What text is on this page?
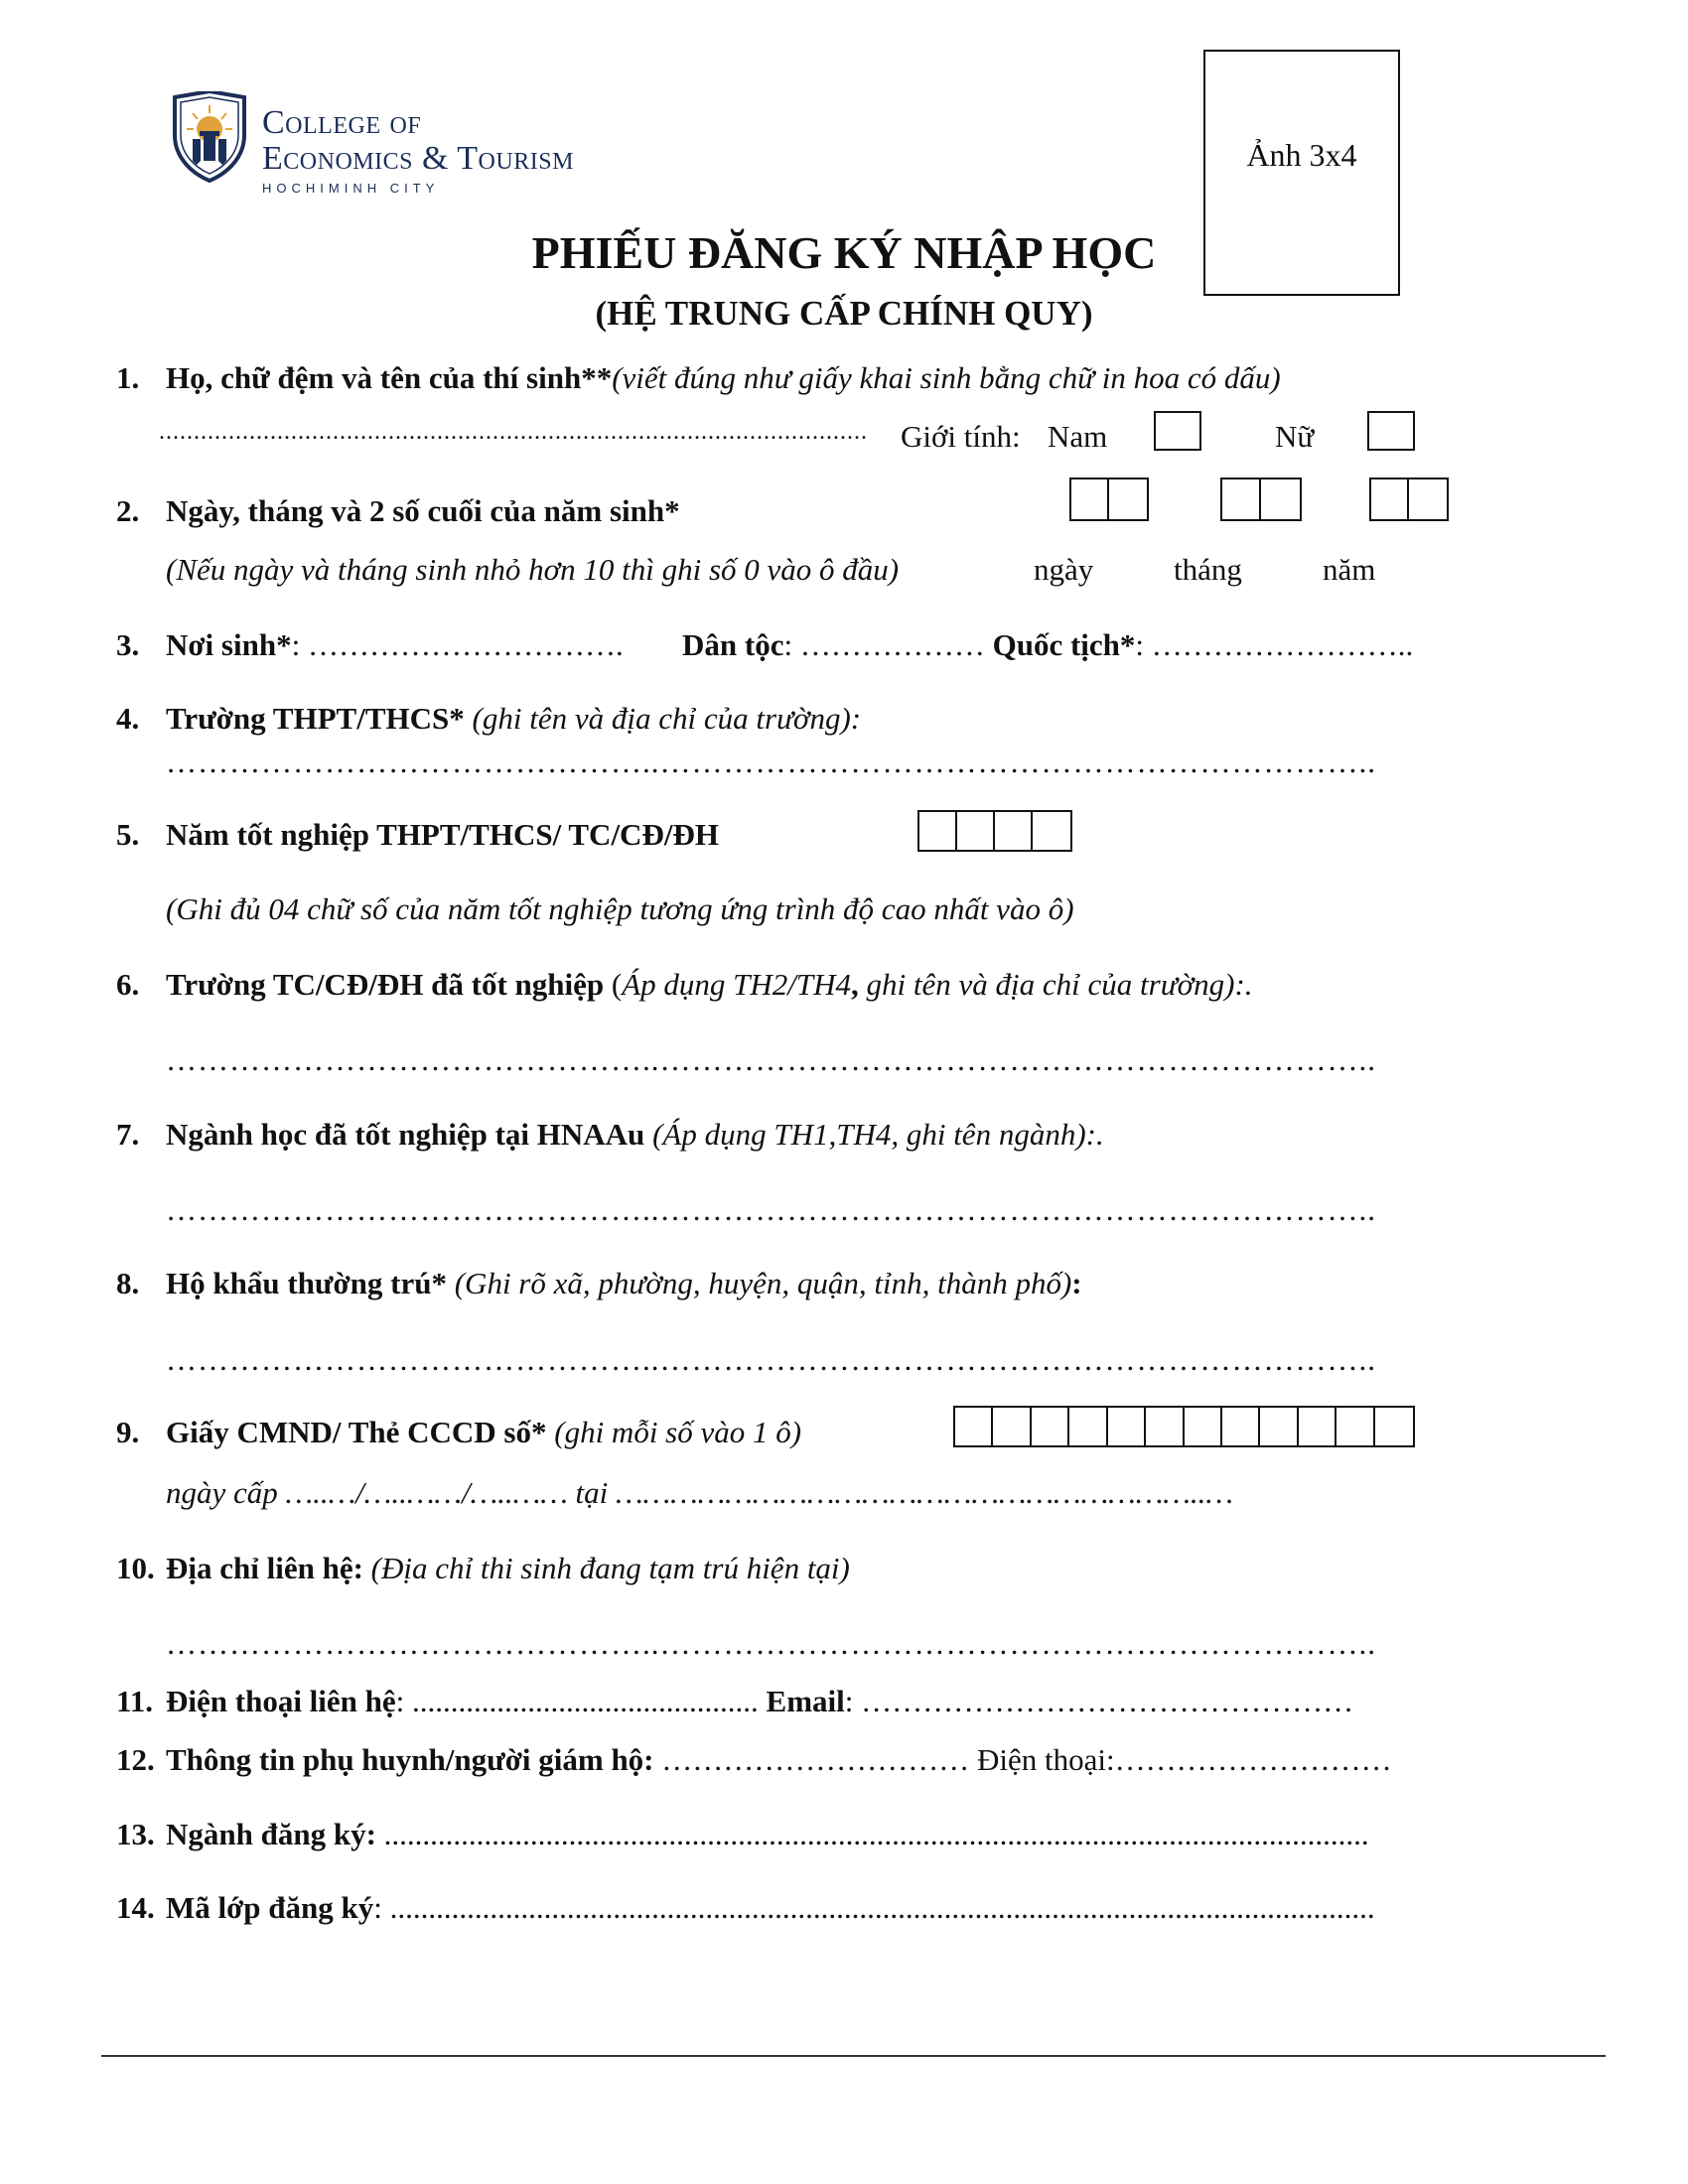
College of
Economics & Tourism
HOCHIMINH CITY
Ảnh 3x4
PHIẾU ĐĂNG KÝ NHẬP HỌC
(HỆ TRUNG CẤP CHÍNH QUY)
1. Họ, chữ đệm và tên của thí sinh**(viết đúng như giấy khai sinh bằng chữ in hoa có dấu)
......................................................................................................	Giới tính: Nam	Nữ
2. Ngày, tháng và 2 số cuối của năm sinh*
(Nếu ngày và tháng sinh nhỏ hơn 10 thì ghi số 0 vào ô đầu)	ngày	tháng	năm
3. Nơi sinh*: …………………………. Dân tộc: ……………… Quốc tịch*: ……………………..
4. Trường THPT/THCS* (ghi tên và địa chỉ của trường):
………………………………………..…………………………………………………………..
5. Năm tốt nghiệp THPT/THCS/ TC/CĐ/ĐH
(Ghi đủ 04 chữ số của năm tốt nghiệp tương ứng trình độ cao nhất vào ô)
6. Trường TC/CĐ/ĐH đã tốt nghiệp (Áp dụng TH2/TH4, ghi tên và địa chỉ của trường):.
………………………………………..…………………………………………………………..
7. Ngành học đã tốt nghiệp tại HNAAu (Áp dụng TH1,TH4, ghi tên ngành):.
………………………………………..…………………………………………………………..
8. Hộ khẩu thường trú* (Ghi rõ xã, phường, huyện, quận, tỉnh, thành phố):
………………………………………..…………………………………………………………..
9. Giấy CMND/ Thẻ CCCD số* (ghi mỗi số vào 1 ô)
ngày cấp …..…/…..……/…..…… tại ………………………………………………………..…
10. Địa chỉ liên hệ: (Địa chỉ thi sinh đang tạm trú hiện tại)
………………………………………..…………………………………………………………..
11. Điện thoại liên hệ: ............................................. Email: …………………………………………
12. Thông tin phụ huynh/người giám hộ: ………………………… Điện thoại:………………………
13. Ngành đăng ký: ................................................................................................................................
14. Mã lớp đăng ký: ................................................................................................................................
